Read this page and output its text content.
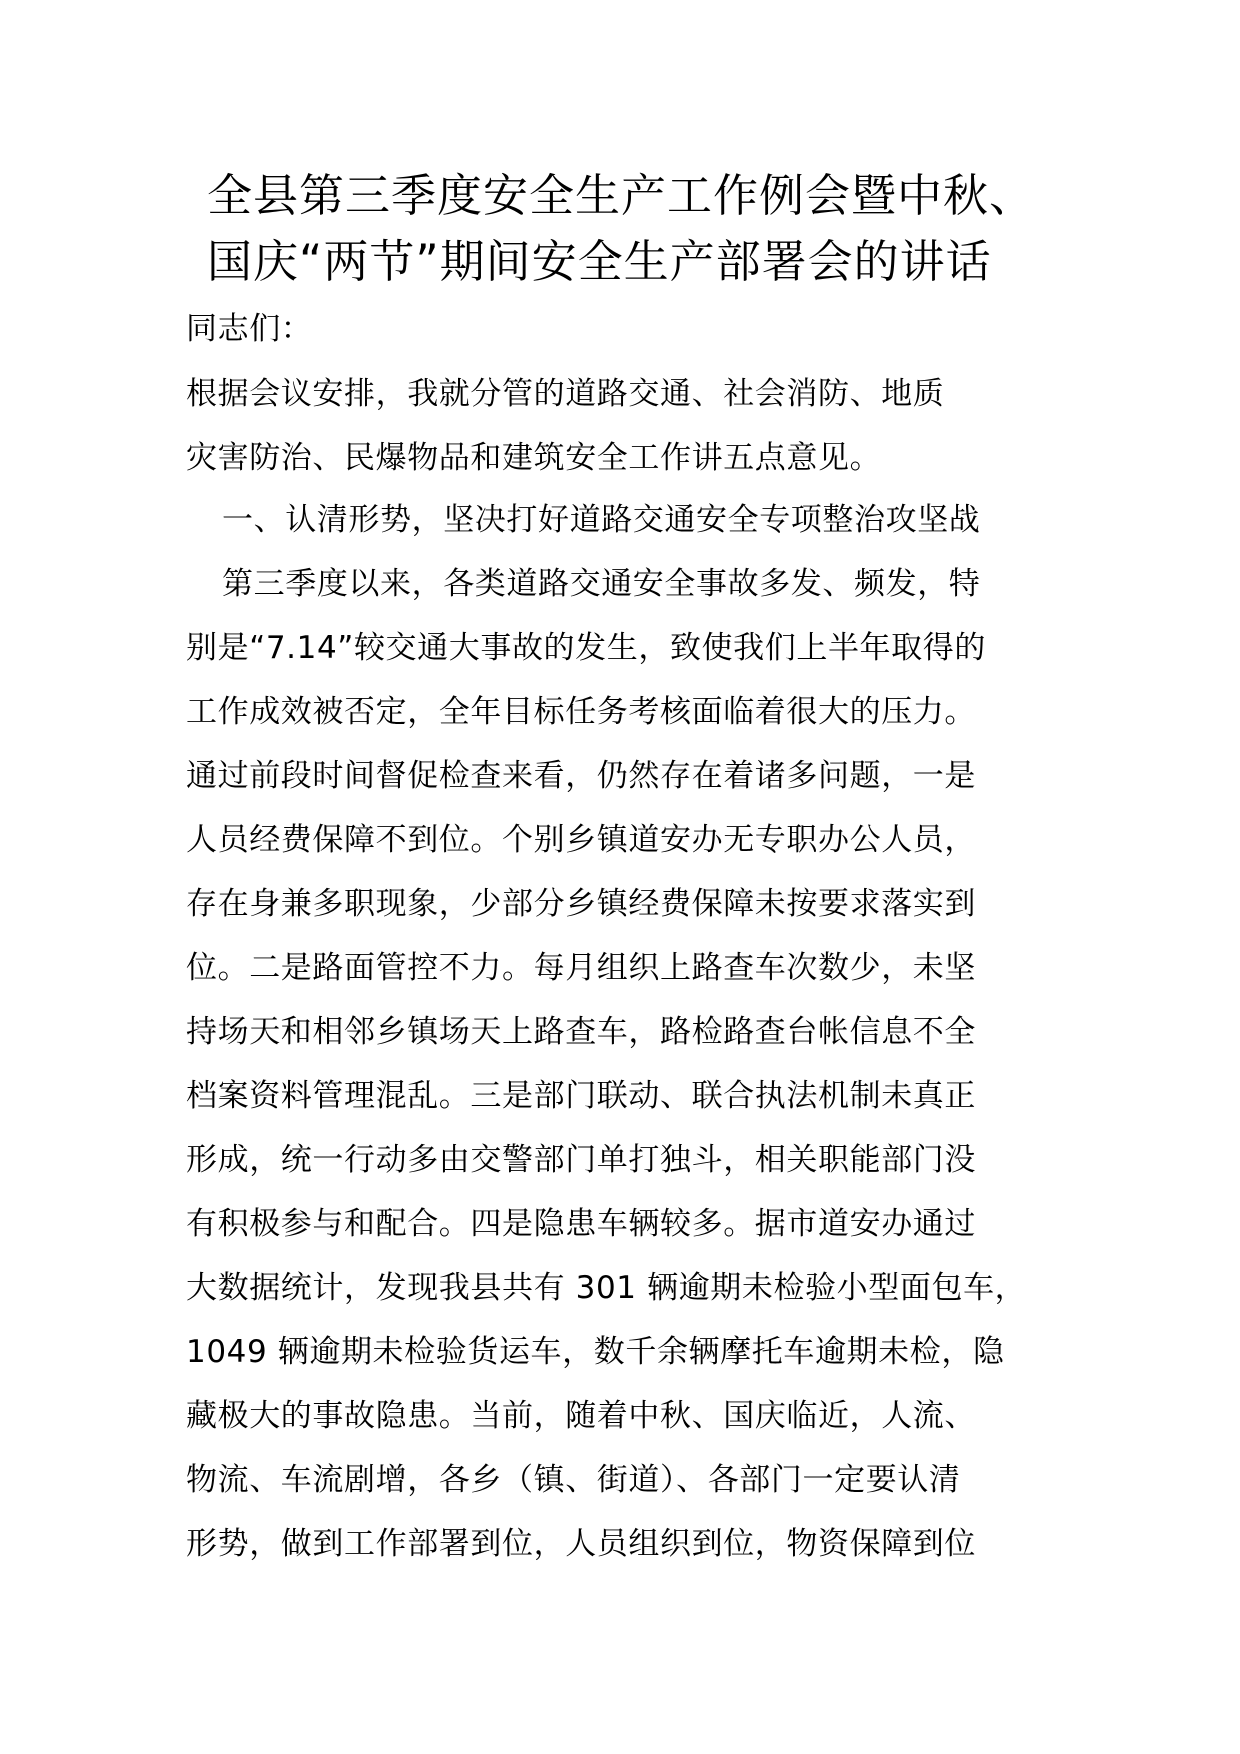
全县第三季度安全生产工作例会暨中秋、
国庆“两节”期间安全生产部署会的讲话
同志们：
根据会议安排，我就分管的道路交通、社会消防、地质
灾害防治、民爆物品和建筑安全工作讲五点意见。
一、认清形势，坚决打好道路交通安全专项整治攻坚战
第三季度以来，各类道路交通安全事故多发、频发，特
别是“7.14”较交通大事故的发生，致使我们上半年取得的
工作成效被否定，全年目标任务考核面临着很大的压力。
通过前段时间督促检查来看，仍然存在着诸多问题，一是
人员经费保障不到位。个别乡镇道安办无专职办公人员，
存在身兼多职现象，少部分乡镇经费保障未按要求落实到
位。二是路面管控不力。每月组织上路查车次数少，未坚
持场天和相邻乡镇场天上路查车，路检路查台帐信息不全
档案资料管理混乱。三是部门联动、联合执法机制未真正
形成，统一行动多由交警部门单打独斗，相关职能部门没
有积极参与和配合。四是隐患车辆较多。据市道安办通过
大数据统计，发现我县共有 301 辆逾期未检验小型面包车，
1049 辆逾期未检验货运车，数千余辆摩托车逾期未检，隐
藏极大的事故隐患。当前，随着中秋、国庆临近，人流、
物流、车流剧增，各乡（镇、街道）、各部门一定要认清
形势，做到工作部署到位，人员组织到位，物资保障到位
